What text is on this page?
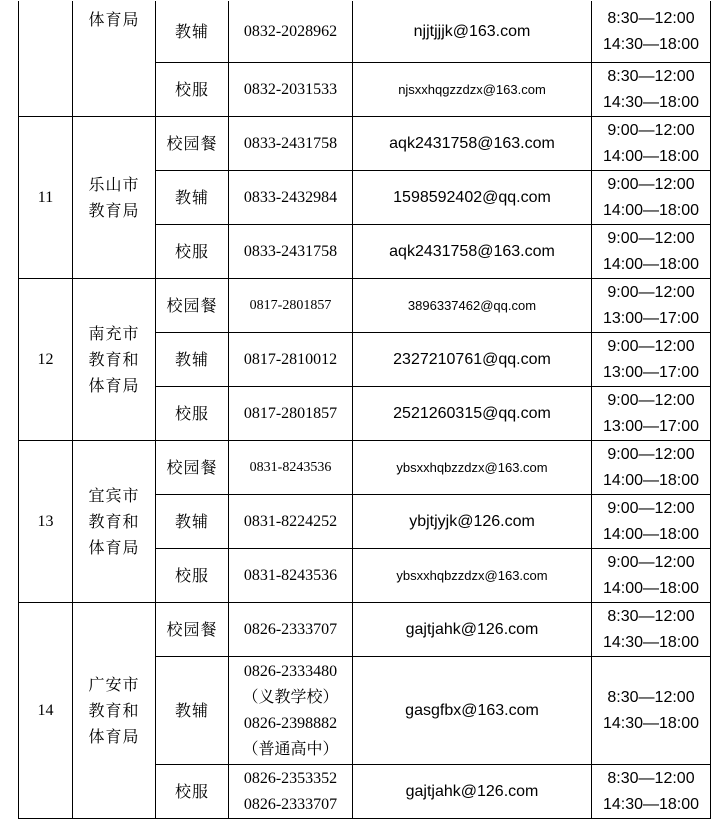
	体育局	教辅	0832-2028962	njjtjjjk@163.com	8:30—12:00
14:30—18:00

		校服	0832-2031533	njsxxhqgzzdzx@163.com	8:30—12:00
14:30—18:00

11	乐山市
教育局	校园餐	0833-2431758	aqk2431758@163.com	9:00—12:00
14:00—18:00

		教辅	0833-2432984	1598592402@qq.com	9:00—12:00
14:00—18:00

		校服	0833-2431758	aqk2431758@163.com	9:00—12:00
14:00—18:00

12	南充市
教育和
体育局	校园餐	0817-2801857	3896337462@qq.com	9:00—12:00
13:00—17:00

		教辅	0817-2810012	2327210761@qq.com	9:00—12:00
13:00—17:00

		校服	0817-2801857	2521260315@qq.com	9:00—12:00
13:00—17:00

13	宜宾市
教育和
体育局	校园餐	0831-8243536	ybsxxhqbzzdzx@163.com	9:00—12:00
14:00—18:00

		教辅	0831-8224252	ybjtjyjk@126.com	9:00—12:00
14:00—18:00

		校服	0831-8243536	ybsxxhqbzzdzx@163.com	9:00—12:00
14:00—18:00

14	广安市
教育和
体育局	校园餐	0826-2333707	gajtjahk@126.com	8:30—12:00
14:30—18:00

		教辅	0826-2333480
（义教学校）
0826-2398882
（普通高中）	gasgfbx@163.com	8:30—12:00
14:30—18:00

		校服	0826-2353352
0826-2333707	gajtjahk@126.com	8:30—12:00
14:30—18:00
